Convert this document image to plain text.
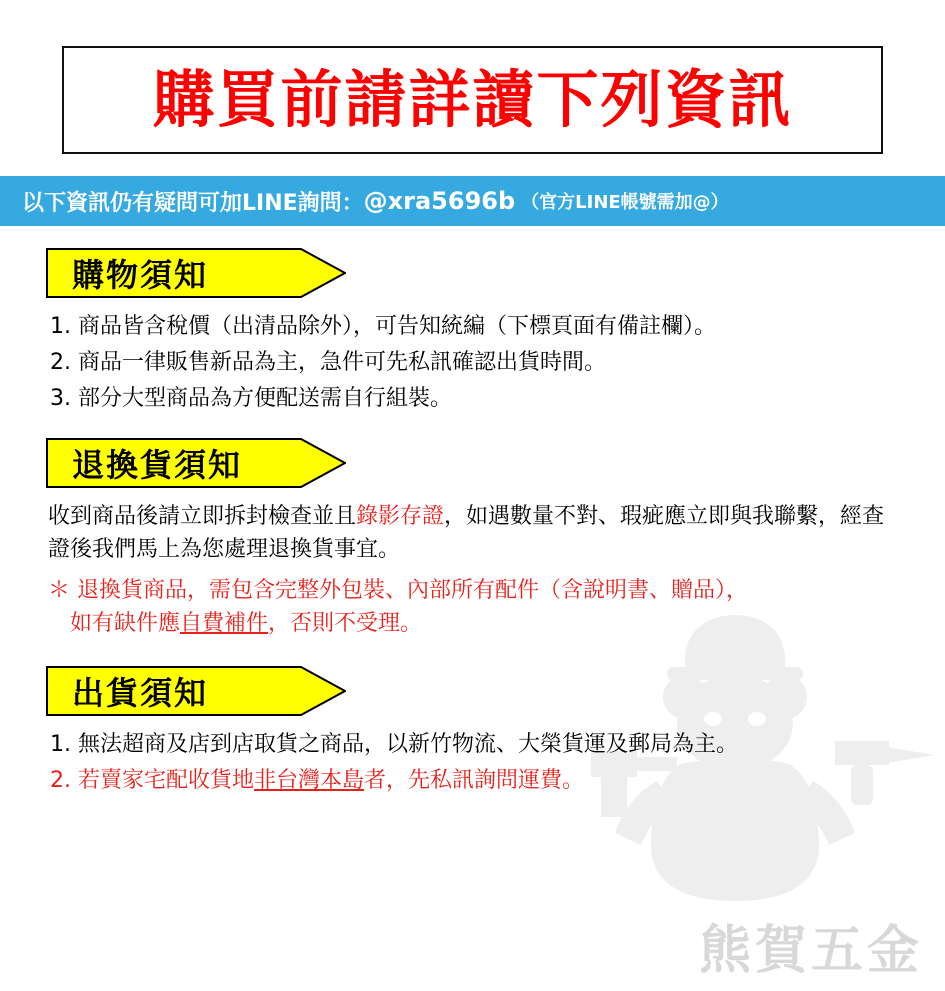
熊賀五金
購買前請詳讀下列資訊
以下資訊仍有疑問可加LINE詢問： @xra5696b （官方LINE帳號需加@）
購物須知
1. 商品皆含稅價（出清品除外），可告知統編（下標頁面有備註欄）。
2. 商品一律販售新品為主，急件可先私訊確認出貨時間。
3. 部分大型商品為方便配送需自行組裝。
退換貨須知

收到商品後請立即拆封檢查並且錄影存證，如遇數量不對、瑕疵應立即與我聯繫，經查證後我們馬上為您處理退換貨事宜。

＊ 退換貨商品，需包含完整外包裝、內部所有配件（含說明書、贈品），
如有缺件應自費補件，否則不受理。
出貨須知
1. 無法超商及店到店取貨之商品，以新竹物流、大榮貨運及郵局為主。
2. 若賣家宅配收貨地非台灣本島者，先私訊詢問運費。
